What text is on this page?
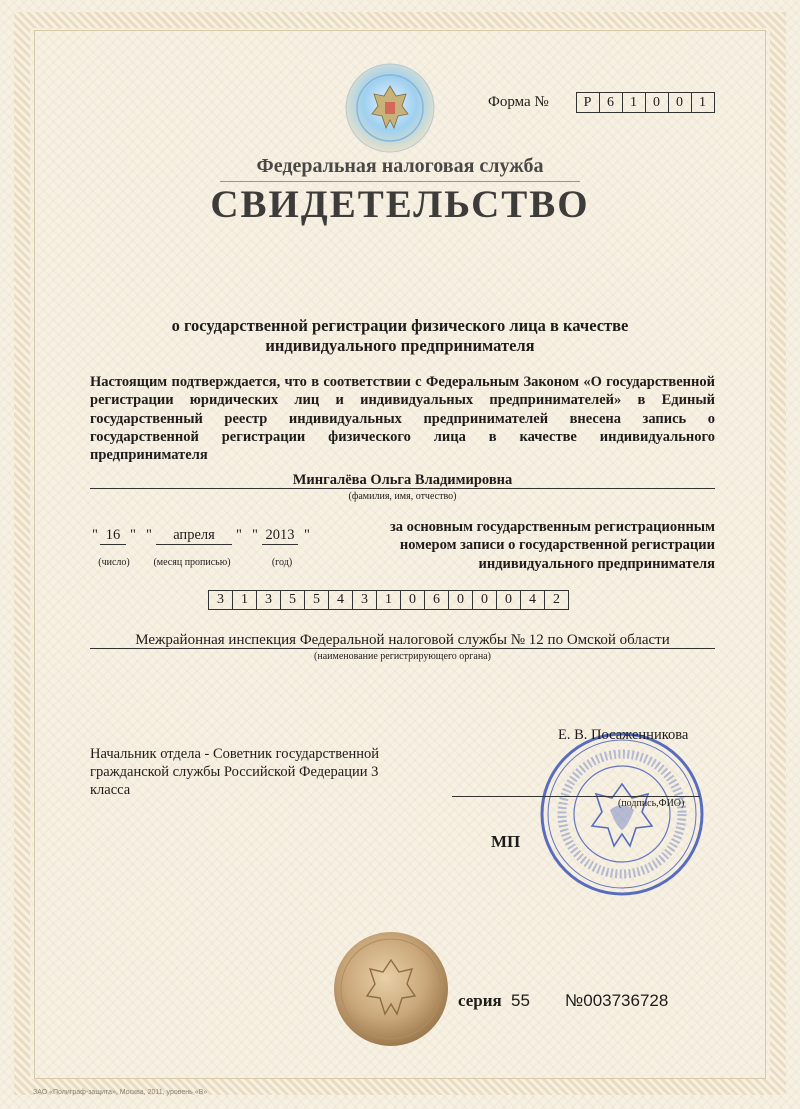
Форма №	Р	6	1	0	0	1
Федеральная налоговая служба
СВИДЕТЕЛЬСТВО
о государственной регистрации физического лица в качестве индивидуального предпринимателя
Настоящим подтверждается, что в соответствии с Федеральным Законом «О государственной регистрации юридических лиц и индивидуальных предпринимателей» в Единый государственный реестр индивидуальных предпринимателей внесена запись о государственной регистрации физического лица в качестве индивидуального предпринимателя
Мингалёва Ольга Владимировна
(фамилия, имя, отчество)
" 16 "
(число)
"	апреля	"
(месяц прописью)
" 2013 "
(год)
за основным государственным регистрационным номером записи о государственной регистрации индивидуального предпринимателя
3	1	3	5	5	4	3	1	0	6	0	0	0	4	2
Межрайонная инспекция Федеральной налоговой службы № 12 по Омской области
(наименование регистрирующего органа)
Е. В. Посаженникова
Начальник отдела - Советник государственной гражданской службы Российской Федерации 3 класса
(подпись,ФИО)
МП
серия 55 №003736728
ЗАО «Полиграф-защита», Москва, 2011, уровень «В»
